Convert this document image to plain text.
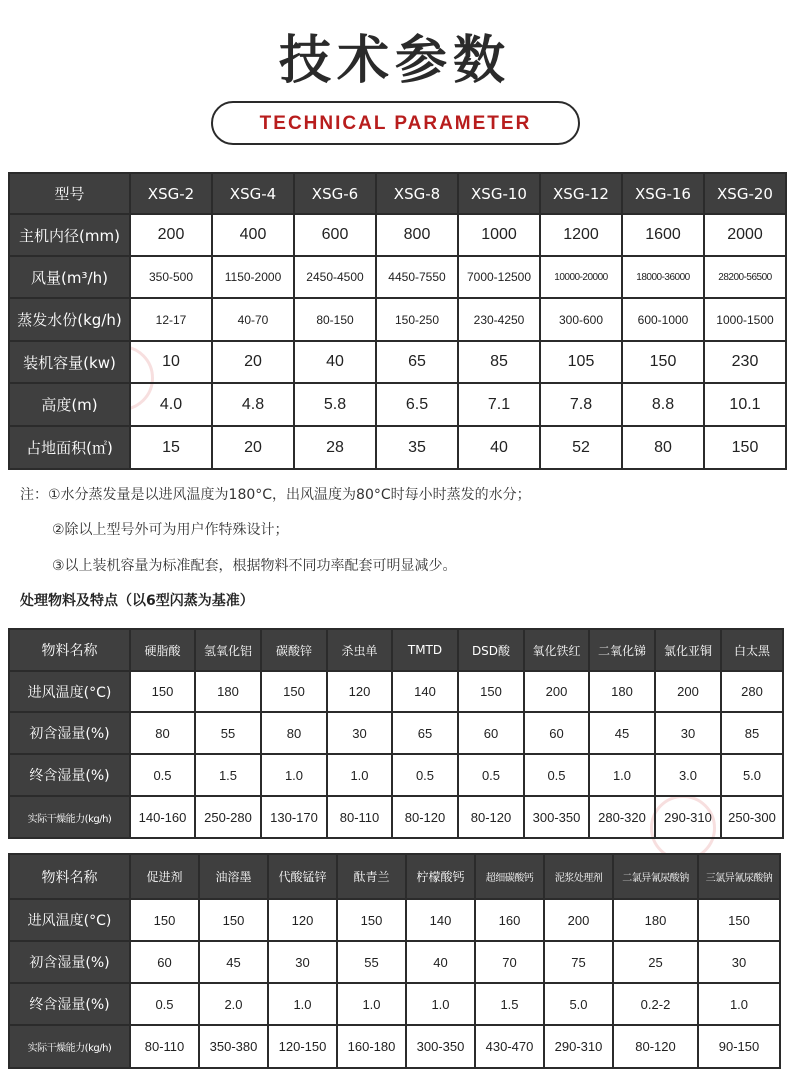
技术参数
TECHNICAL PARAMETER
型号	XSG-2	XSG-4	XSG-6	XSG-8	XSG-10	XSG-12	XSG-16	XSG-20
主机内径(mm)	200	400	600	800	1000	1200	1600	2000
风量(m³/h)	350-500	1150-2000	2450-4500	4450-7550	7000-12500	10000-20000	18000-36000	28200-56500
蒸发水份(kg/h)	12-17	40-70	80-150	150-250	230-4250	300-600	600-1000	1000-1500
装机容量(kw)	10	20	40	65	85	105	150	230
高度(m)	4.0	4.8	5.8	6.5	7.1	7.8	8.8	10.1
占地面积(㎡)	15	20	28	35	40	52	80	150
注：①水分蒸发量是以进风温度为180°C，出风温度为80°C时每小时蒸发的水分；
②除以上型号外可为用户作特殊设计；
③以上装机容量为标准配套，根据物料不同功率配套可明显减少。
处理物料及特点（以6型闪蒸为基准）
物料名称	硬脂酸	氢氧化铝	碳酸锌	杀虫单	TMTD	DSD酸	氧化铁红	二氧化锑	氯化亚铜	白太黑
进风温度(°C)	150	180	150	120	140	150	200	180	200	280
初含湿量(%)	80	55	80	30	65	60	60	45	30	85
终含湿量(%)	0.5	1.5	1.0	1.0	0.5	0.5	0.5	1.0	3.0	5.0
实际干燥能力(kg/h)	140-160	250-280	130-170	80-110	80-120	80-120	300-350	280-320	290-310	250-300
物料名称	促进剂	油溶墨	代酸锰锌	酞青兰	柠檬酸钙	超细碳酸钙	泥浆处理剂	二氯异氰尿酸钠	三氯异氰尿酸钠
进风温度(°C)	150	150	120	150	140	160	200	180	150
初含湿量(%)	60	45	30	55	40	70	75	25	30
终含湿量(%)	0.5	2.0	1.0	1.0	1.0	1.5	5.0	0.2-2	1.0
实际干燥能力(kg/h)	80-110	350-380	120-150	160-180	300-350	430-470	290-310	80-120	90-150
